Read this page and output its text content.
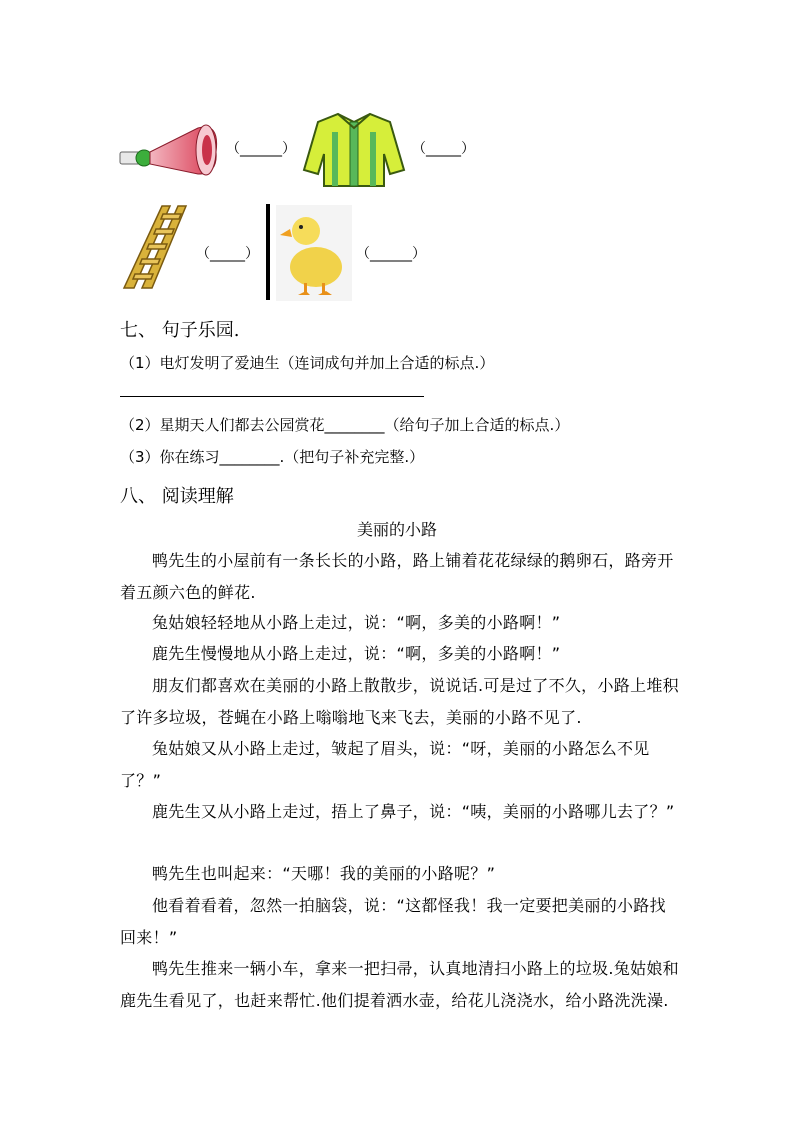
（______）	（_____）
（_____）	（______）
七、 句子乐园.
（1）电灯发明了爱迪生（连词成句并加上合适的标点.）
（2）星期天人们都去公园赏花________（给句子加上合适的标点.）
（3）你在练习________.（把句子补充完整.）
八、 阅读理解
美丽的小路
鸭先生的小屋前有一条长长的小路，路上铺着花花绿绿的鹅卵石，路旁开着五颜六色的鲜花.
兔姑娘轻轻地从小路上走过，说：“啊，多美的小路啊！”
鹿先生慢慢地从小路上走过，说：“啊，多美的小路啊！”
朋友们都喜欢在美丽的小路上散散步，说说话.可是过了不久，小路上堆积了许多垃圾，苍蝇在小路上嗡嗡地飞来飞去，美丽的小路不见了.
兔姑娘又从小路上走过，皱起了眉头，说：“呀，美丽的小路怎么不见了？”
鹿先生又从小路上走过，捂上了鼻子，说：“咦，美丽的小路哪儿去了？”
鸭先生也叫起来：“天哪！我的美丽的小路呢？”
他看着看着，忽然一拍脑袋，说：“这都怪我！我一定要把美丽的小路找回来！”
鸭先生推来一辆小车，拿来一把扫帚，认真地清扫小路上的垃圾.兔姑娘和鹿先生看见了，也赶来帮忙.他们提着洒水壶，给花儿浇浇水，给小路洗洗澡.
